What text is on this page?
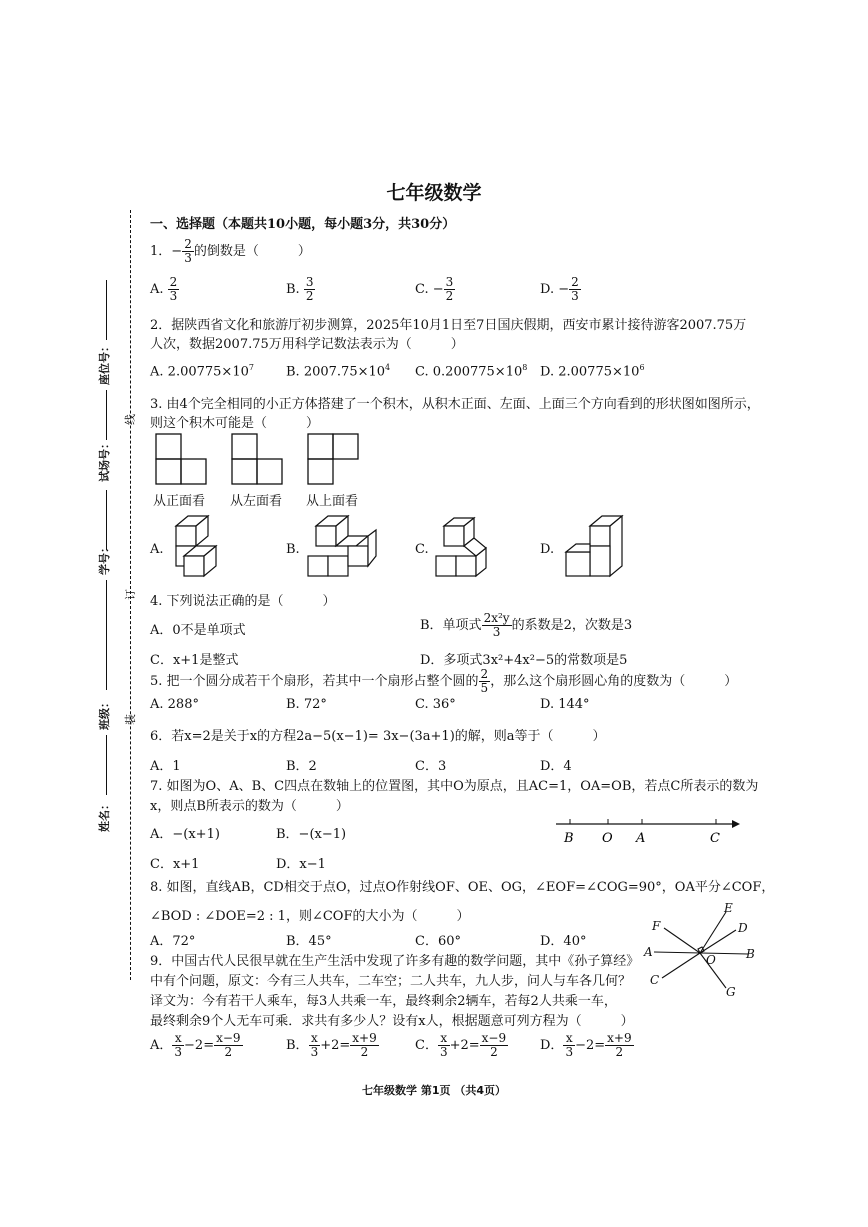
座位号：
试场号：
学号：
班级：
姓名：
线
订
装
七年级数学
一、选择题（本题共10小题，每小题3分，共30分）
1．− $\frac{2}{3}$ 的倒数是（　　　）
A. $\frac{2}{3}$	B. $\frac{3}{2}$	C. − $\frac{3}{2}$	D. − $\frac{2}{3}$
2．据陕西省文化和旅游厅初步测算，2025年10月1日至7日国庆假期，西安市累计接待游客2007.75万
人次，数据2007.75万用科学记数法表示为（　　　）
A. $2.00775\times 10^7$ B. $2007.75\times 10^4$ C. $0.200775\times 10^8$ D. $2.00775\times 10^6$
3. 由4个完全相同的小正方体搭建了一个积木，从积木正面、左面、上面三个方向看到的形状图如图所示，
则这个积木可能是（　　　）
从正面看 从左面看 从上面看
A.	B.	C.	D.
4. 下列说法正确的是（　　　）
A．0不是单项式	B．单项式 $\frac{\text{2x²y}}{3}$ 的系数是2，次数是3
C．x+1是整式	D．多项式3x²+4x²−5的常数项是5
5. 把一个圆分成若干个扇形，若其中一个扇形占整个圆的 $\frac{2}{5}$ ，那么这个扇形圆心角的度数为（　　　）
A. 288°	B. 72°	C. 36°	D. 144°
6．若x=2是关于x的方程2a−5(x−1)= 3x−(3a+1)的解，则a等于（　　　）
A．1	B．2	C．3	D．4
7. 如图为O、A、B、C四点在数轴上的位置图，其中O为原点，且AC=1，OA=OB，若点C所表示的数为
x，则点B所表示的数为（　　　）
A．−(x+1)	B．−(x−1)
C．x+1	D．x−1
B O A	C
8. 如图，直线AB，CD相交于点O，过点O作射线OF、OE、OG，∠EOF=∠COG=90°，OA平分∠COF，
∠BOD : ∠DOE=2 : 1，则∠COF的大小为（　　　）
A．72°	B．45°	C．60°	D．40°
E
D
B
O
A
F
C
G
9．中国古代人民很早就在生产生活中发现了许多有趣的数学问题，其中《孙子算经》
中有个问题，原文：今有三人共车，二车空；二人共车，九人步，问人与车各几何？
译文为：今有若干人乘车，每3人共乘一车，最终剩余2辆车，若每2人共乘一车，
最终剩余9个人无车可乘．求共有多少人？设有x人，根据题意可列方程为（　　　）
A． $\frac{x}{3} -2= \frac{x-9}{2}$	B． $\frac{x}{3} +2= \frac{x+9}{2}$	C． $\frac{x}{3} +2= \frac{x-9}{2}$ D． $\frac{x}{3} -2= \frac{x+9}{2}$
七年级数学 第1页 （共4页）
